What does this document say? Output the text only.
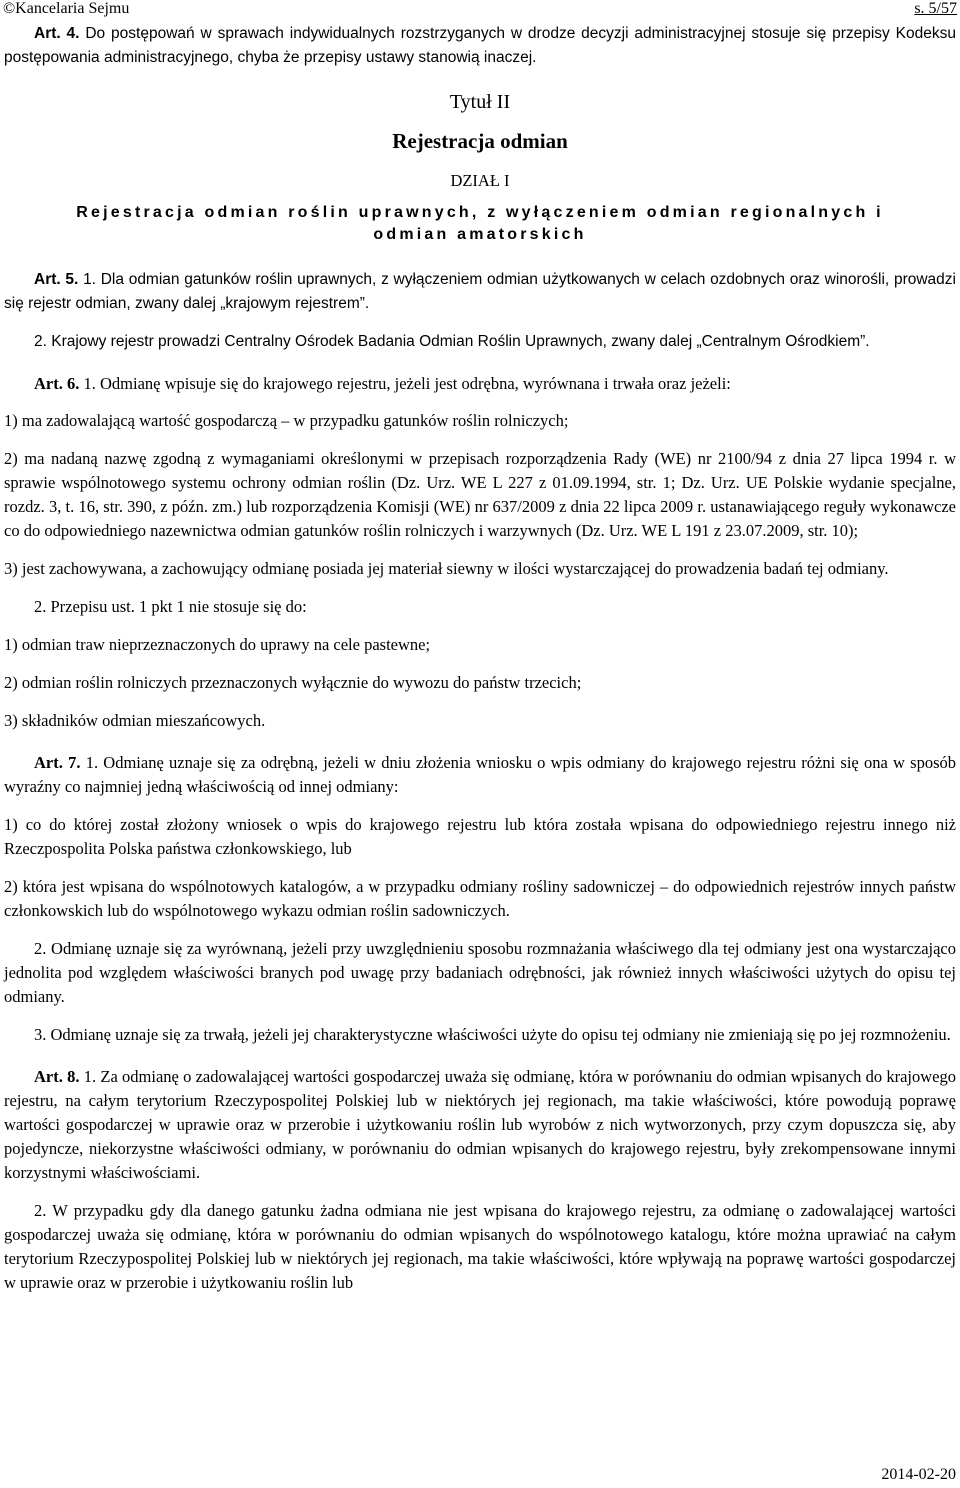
©Kancelaria Sejmu	s. 5/57

Art. 4. Do postępowań w sprawach indywidualnych rozstrzyganych w drodze decyzji administracyjnej stosuje się przepisy Kodeksu postępowania administracyjnego, chyba że przepisy ustawy stanowią inaczej.

Tytuł II

Rejestracja odmian

DZIAŁ I

Rejestracja odmian roślin uprawnych, z wyłączeniem odmian regionalnych i odmian amatorskich

Art. 5. 1. Dla odmian gatunków roślin uprawnych, z wyłączeniem odmian użytkowanych w celach ozdobnych oraz winorośli, prowadzi się rejestr odmian, zwany dalej „krajowym rejestrem”.

2. Krajowy rejestr prowadzi Centralny Ośrodek Badania Odmian Roślin Uprawnych, zwany dalej „Centralnym Ośrodkiem”.

Art. 6. 1. Odmianę wpisuje się do krajowego rejestru, jeżeli jest odrębna, wyrównana i trwała oraz jeżeli:

1) ma zadowalającą wartość gospodarczą – w przypadku gatunków roślin rolniczych;

2) ma nadaną nazwę zgodną z wymaganiami określonymi w przepisach rozporządzenia Rady (WE) nr 2100/94 z dnia 27 lipca 1994 r. w sprawie wspólnotowego systemu ochrony odmian roślin (Dz. Urz. WE L 227 z 01.09.1994, str. 1; Dz. Urz. UE Polskie wydanie specjalne, rozdz. 3, t. 16, str. 390, z późn. zm.) lub rozporządzenia Komisji (WE) nr 637/2009 z dnia 22 lipca 2009 r. ustanawiającego reguły wykonawcze co do odpowiedniego nazewnictwa odmian gatunków roślin rolniczych i warzywnych (Dz. Urz. WE L 191 z 23.07.2009, str. 10);

3) jest zachowywana, a zachowujący odmianę posiada jej materiał siewny w ilości wystarczającej do prowadzenia badań tej odmiany.

2. Przepisu ust. 1 pkt 1 nie stosuje się do:

1) odmian traw nieprzeznaczonych do uprawy na cele pastewne;

2) odmian roślin rolniczych przeznaczonych wyłącznie do wywozu do państw trzecich;

3) składników odmian mieszańcowych.

Art. 7. 1. Odmianę uznaje się za odrębną, jeżeli w dniu złożenia wniosku o wpis odmiany do krajowego rejestru różni się ona w sposób wyraźny co najmniej jedną właściwością od innej odmiany:

1) co do której został złożony wniosek o wpis do krajowego rejestru lub która została wpisana do odpowiedniego rejestru innego niż Rzeczpospolita Polska państwa członkowskiego, lub

2) która jest wpisana do wspólnotowych katalogów, a w przypadku odmiany rośliny sadowniczej – do odpowiednich rejestrów innych państw członkowskich lub do wspólnotowego wykazu odmian roślin sadowniczych.

2. Odmianę uznaje się za wyrównaną, jeżeli przy uwzględnieniu sposobu rozmnażania właściwego dla tej odmiany jest ona wystarczająco jednolita pod względem właściwości branych pod uwagę przy badaniach odrębności, jak również innych właściwości użytych do opisu tej odmiany.

3. Odmianę uznaje się za trwałą, jeżeli jej charakterystyczne właściwości użyte do opisu tej odmiany nie zmieniają się po jej rozmnożeniu.

Art. 8. 1. Za odmianę o zadowalającej wartości gospodarczej uważa się odmianę, która w porównaniu do odmian wpisanych do krajowego rejestru, na całym terytorium Rzeczypospolitej Polskiej lub w niektórych jej regionach, ma takie właściwości, które powodują poprawę wartości gospodarczej w uprawie oraz w przerobie i użytkowaniu roślin lub wyrobów z nich wytworzonych, przy czym dopuszcza się, aby pojedyncze, niekorzystne właściwości odmiany, w porównaniu do odmian wpisanych do krajowego rejestru, były zrekompensowane innymi korzystnymi właściwościami.

2. W przypadku gdy dla danego gatunku żadna odmiana nie jest wpisana do krajowego rejestru, za odmianę o zadowalającej wartości gospodarczej uważa się odmianę, która w porównaniu do odmian wpisanych do wspólnotowego katalogu, które można uprawiać na całym terytorium Rzeczypospolitej Polskiej lub w niektórych jej regionach, ma takie właściwości, które wpływają na poprawę wartości gospodarczej w uprawie oraz w przerobie i użytkowaniu roślin lub

2014-02-20
